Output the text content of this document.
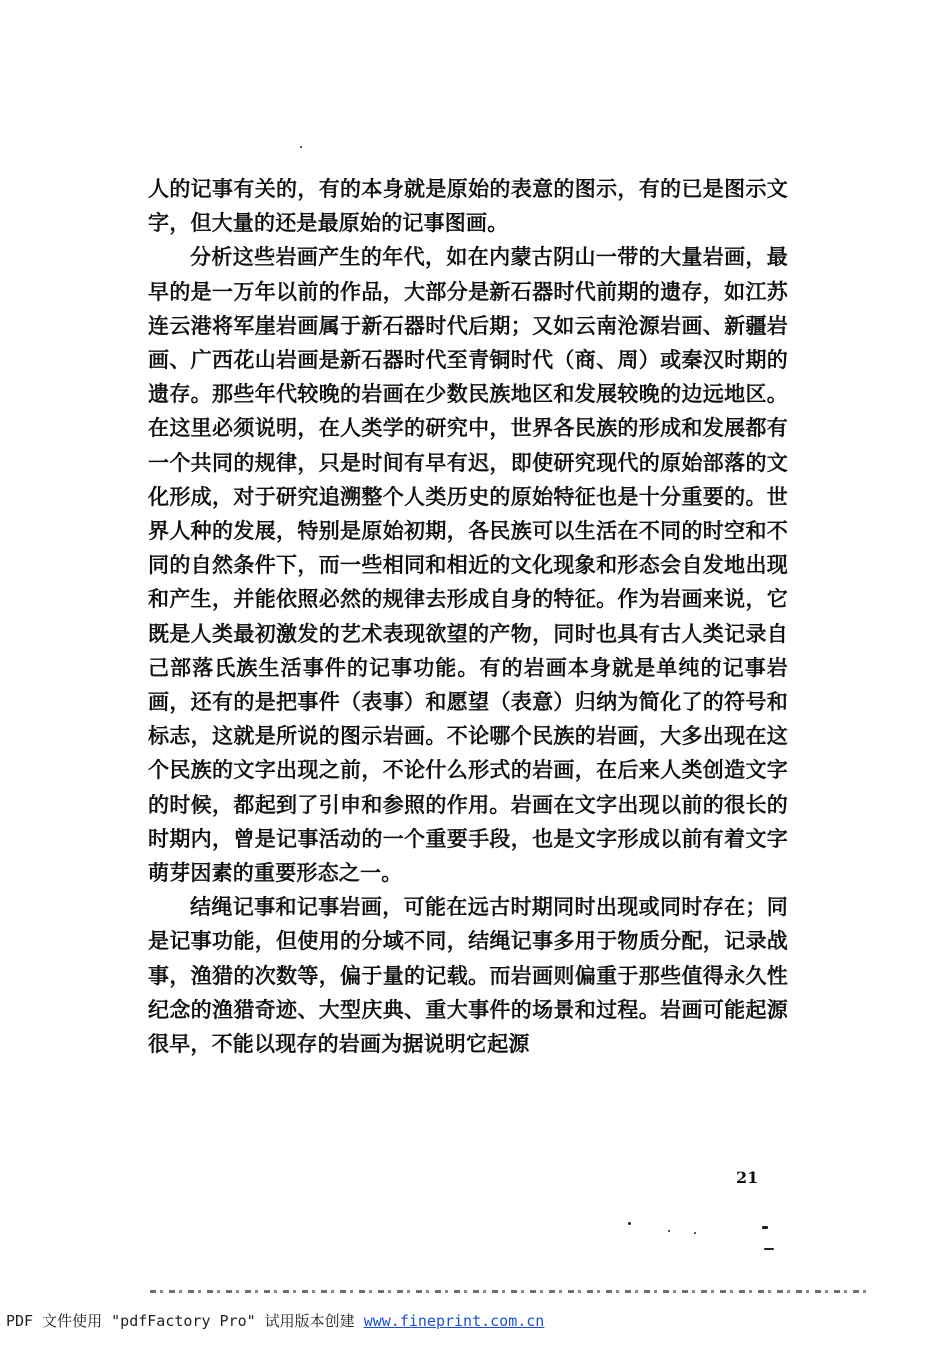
人的记事有关的，有的本身就是原始的表意的图示，有的已是图示文字，但大量的还是最原始的记事图画。

分析这些岩画产生的年代，如在内蒙古阴山一带的大量岩画，最早的是一万年以前的作品，大部分是新石器时代前期的遗存，如江苏连云港将军崖岩画属于新石器时代后期；又如云南沧源岩画、新疆岩画、广西花山岩画是新石器时代至青铜时代（商、周）或秦汉时期的遗存。那些年代较晚的岩画在少数民族地区和发展较晚的边远地区。在这里必须说明，在人类学的研究中，世界各民族的形成和发展都有一个共同的规律，只是时间有早有迟，即使研究现代的原始部落的文化形成，对于研究追溯整个人类历史的原始特征也是十分重要的。世界人种的发展，特别是原始初期，各民族可以生活在不同的时空和不同的自然条件下，而一些相同和相近的文化现象和形态会自发地出现和产生，并能依照必然的规律去形成自身的特征。作为岩画来说，它既是人类最初激发的艺术表现欲望的产物，同时也具有古人类记录自己部落氏族生活事件的记事功能。有的岩画本身就是单纯的记事岩画，还有的是把事件（表事）和愿望（表意）归纳为简化了的符号和标志，这就是所说的图示岩画。不论哪个民族的岩画，大多出现在这个民族的文字出现之前，不论什么形式的岩画，在后来人类创造文字的时候，都起到了引申和参照的作用。岩画在文字出现以前的很长的时期内，曾是记事活动的一个重要手段，也是文字形成以前有着文字萌芽因素的重要形态之一。

结绳记事和记事岩画，可能在远古时期同时出现或同时存在；同是记事功能，但使用的分域不同，结绳记事多用于物质分配，记录战事，渔猎的次数等，偏于量的记载。而岩画则偏重于那些值得永久性纪念的渔猎奇迹、大型庆典、重大事件的场景和过程。岩画可能起源很早，不能以现存的岩画为据说明它起源

21
PDF 文件使用 "pdfFactory Pro" 试用版本创建 www.fineprint.com.cn
